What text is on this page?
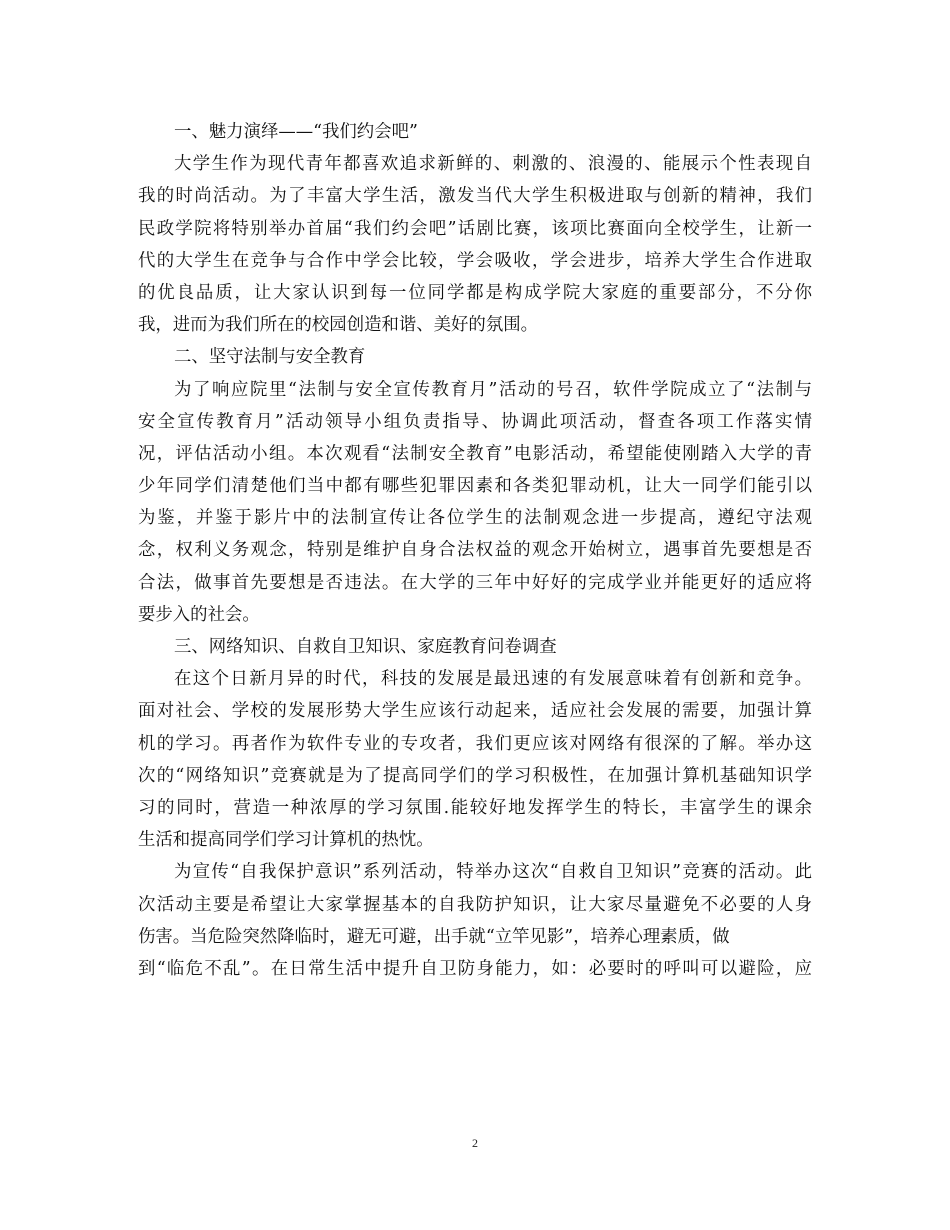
一、魅力演绎——“我们约会吧”
大学生作为现代青年都喜欢追求新鲜的、刺激的、浪漫的、能展示个性表现自
我的时尚活动。为了丰富大学生活，激发当代大学生积极进取与创新的精神，我们
民政学院将特别举办首届“我们约会吧”话剧比赛，该项比赛面向全校学生，让新一
代的大学生在竞争与合作中学会比较，学会吸收，学会进步，培养大学生合作进取
的优良品质，让大家认识到每一位同学都是构成学院大家庭的重要部分，不分你
我，进而为我们所在的校园创造和谐、美好的氛围。
二、坚守法制与安全教育
为了响应院里“法制与安全宣传教育月”活动的号召，软件学院成立了“法制与
安全宣传教育月”活动领导小组负责指导、协调此项活动，督查各项工作落实情
况，评估活动小组。本次观看“法制安全教育”电影活动，希望能使刚踏入大学的青
少年同学们清楚他们当中都有哪些犯罪因素和各类犯罪动机，让大一同学们能引以
为鉴，并鉴于影片中的法制宣传让各位学生的法制观念进一步提高，遵纪守法观
念，权利义务观念，特别是维护自身合法权益的观念开始树立，遇事首先要想是否
合法，做事首先要想是否违法。在大学的三年中好好的完成学业并能更好的适应将
要步入的社会。
三、网络知识、自救自卫知识、家庭教育问卷调查
在这个日新月异的时代，科技的发展是最迅速的有发展意味着有创新和竞争。
面对社会、学校的发展形势大学生应该行动起来，适应社会发展的需要，加强计算
机的学习。再者作为软件专业的专攻者，我们更应该对网络有很深的了解。举办这
次的“网络知识”竞赛就是为了提高同学们的学习积极性，在加强计算机基础知识学
习的同时，营造一种浓厚的学习氛围.能较好地发挥学生的特长，丰富学生的课余
生活和提高同学们学习计算机的热忱。
为宣传“自我保护意识”系列活动，特举办这次“自救自卫知识”竞赛的活动。此
次活动主要是希望让大家掌握基本的自我防护知识，让大家尽量避免不必要的人身
伤害。当危险突然降临时，避无可避，出手就“立竿见影”，培养心理素质，做
到“临危不乱”。在日常生活中提升自卫防身能力，如：必要时的呼叫可以避险，应
2
